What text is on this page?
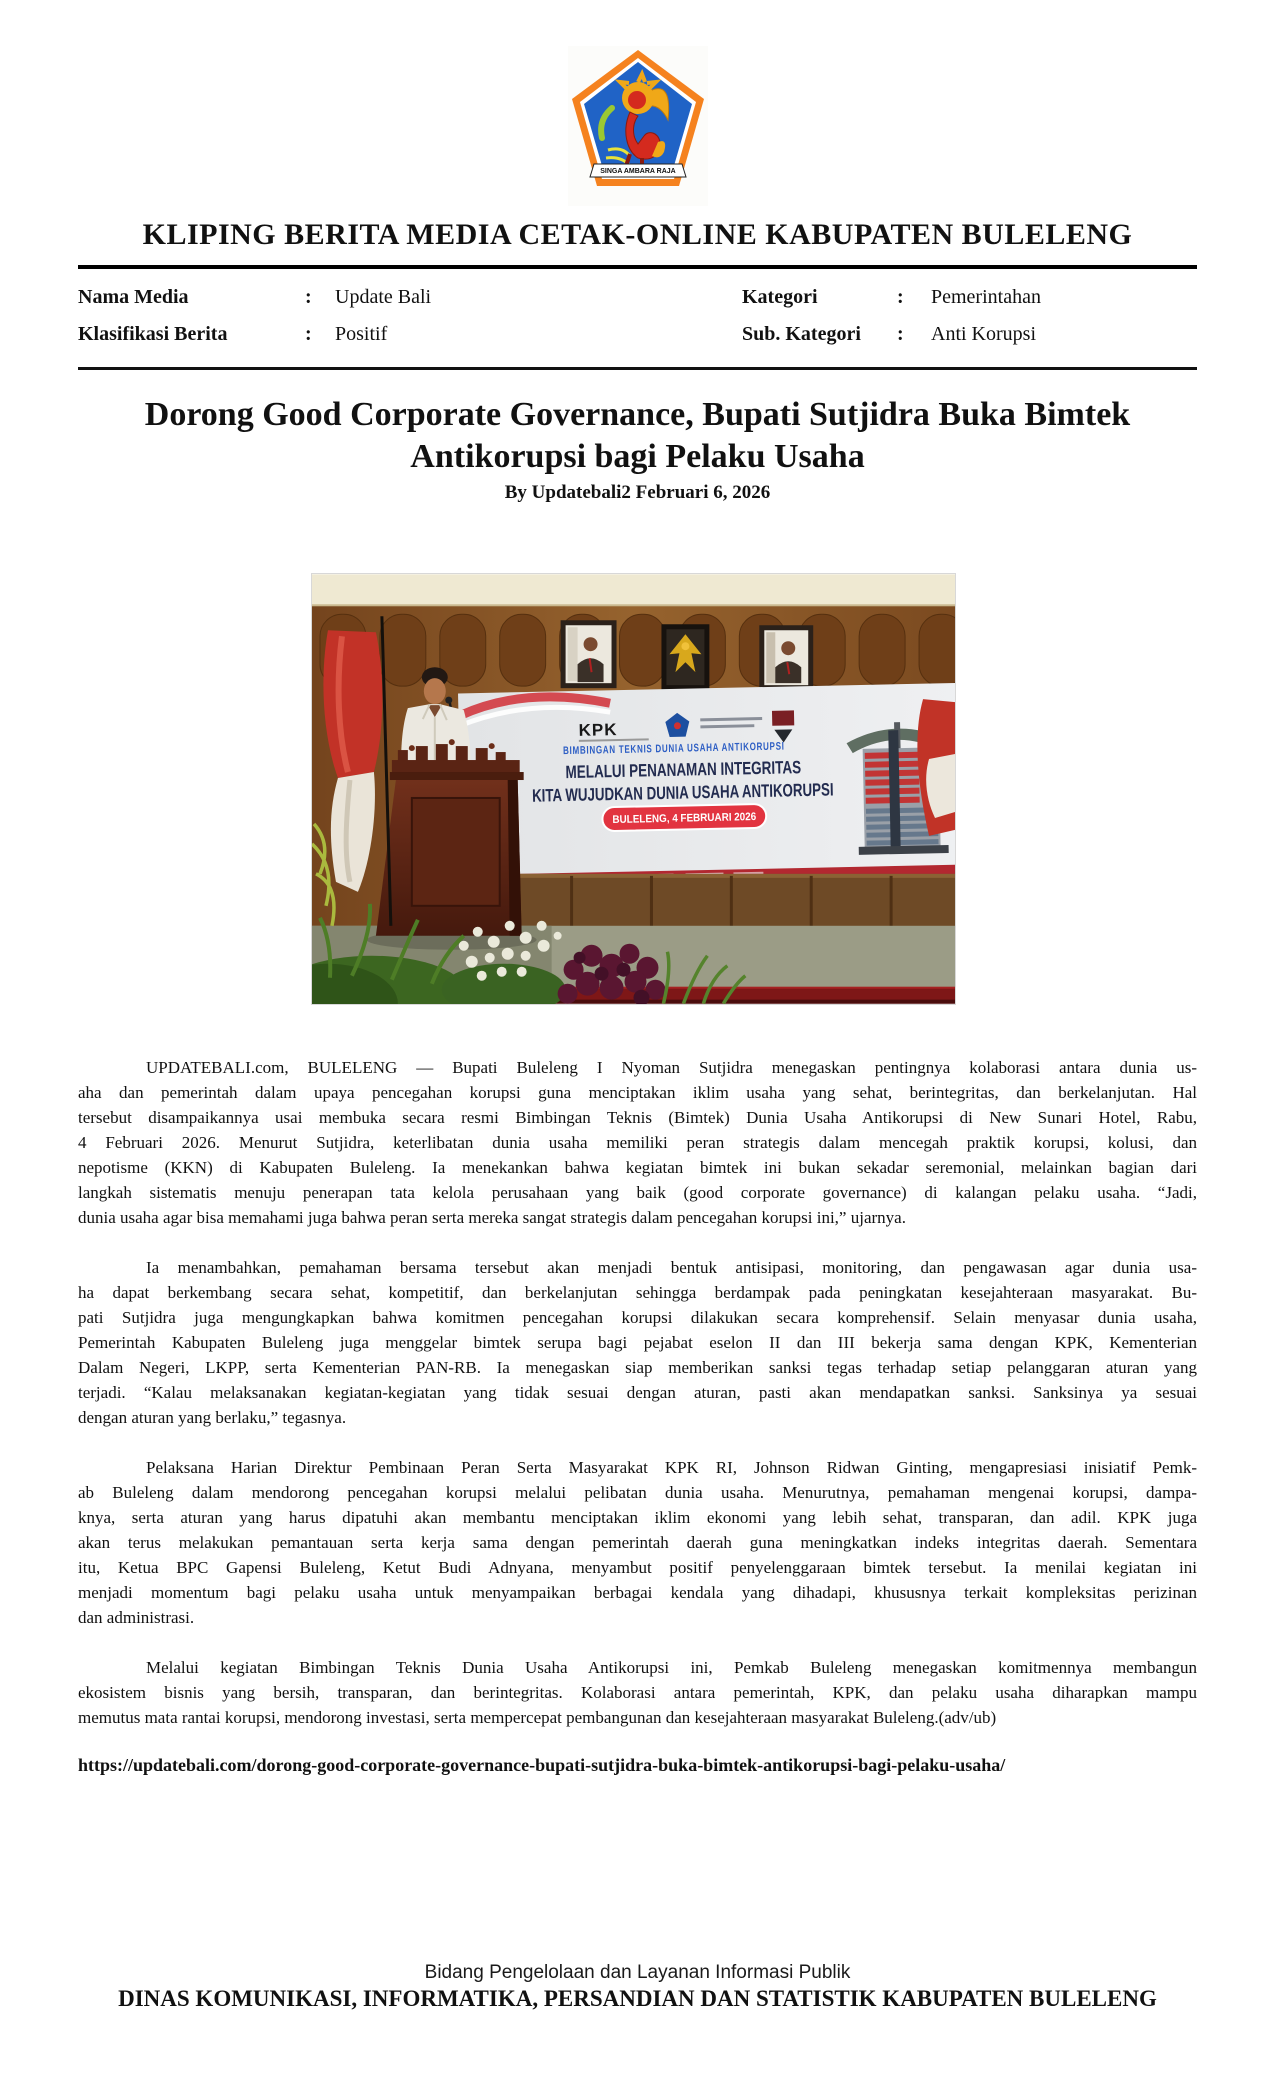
SINGA AMBARA RAJA
KLIPING BERITA MEDIA CETAK-ONLINE KABUPATEN BULELENG
Nama Media	:	Update Bali	Kategori	:	Pemerintahan
Klasifikasi Berita	:	Positif	Sub. Kategori	:	Anti Korupsi
Dorong Good Corporate Governance, Bupati Sutjidra Buka Bimtek
Antikorupsi bagi Pelaku Usaha
By Updatebali2 Februari 6, 2026
KPK
BIMBINGAN TEKNIS DUNIA USAHA ANTIKORUPSI
MELALUI PENANAMAN INTEGRITAS
KITA WUJUDKAN DUNIA USAHA ANTIKORUPSI
BULELENG, 4 FEBRUARI 2026

UPDATEBALI.com, BULELENG — Bupati Buleleng I Nyoman Sutjidra menegaskan pentingnya kolaborasi antara dunia us-
aha dan pemerintah dalam upaya pencegahan korupsi guna menciptakan iklim usaha yang sehat, berintegritas, dan berkelanjutan. Hal
tersebut disampaikannya usai membuka secara resmi Bimbingan Teknis (Bimtek) Dunia Usaha Antikorupsi di New Sunari Hotel, Rabu,
4 Februari 2026. Menurut Sutjidra, keterlibatan dunia usaha memiliki peran strategis dalam mencegah praktik korupsi, kolusi, dan
nepotisme (KKN) di Kabupaten Buleleng. Ia menekankan bahwa kegiatan bimtek ini bukan sekadar seremonial, melainkan bagian dari
langkah sistematis menuju penerapan tata kelola perusahaan yang baik (good corporate governance) di kalangan pelaku usaha. “Jadi,
dunia usaha agar bisa memahami juga bahwa peran serta mereka sangat strategis dalam pencegahan korupsi ini,” ujarnya.

Ia menambahkan, pemahaman bersama tersebut akan menjadi bentuk antisipasi, monitoring, dan pengawasan agar dunia usa-
ha dapat berkembang secara sehat, kompetitif, dan berkelanjutan sehingga berdampak pada peningkatan kesejahteraan masyarakat. Bu-
pati Sutjidra juga mengungkapkan bahwa komitmen pencegahan korupsi dilakukan secara komprehensif. Selain menyasar dunia usaha,
Pemerintah Kabupaten Buleleng juga menggelar bimtek serupa bagi pejabat eselon II dan III bekerja sama dengan KPK, Kementerian
Dalam Negeri, LKPP, serta Kementerian PAN-RB. Ia menegaskan siap memberikan sanksi tegas terhadap setiap pelanggaran aturan yang
terjadi. “Kalau melaksanakan kegiatan-kegiatan yang tidak sesuai dengan aturan, pasti akan mendapatkan sanksi. Sanksinya ya sesuai
dengan aturan yang berlaku,” tegasnya.

Pelaksana Harian Direktur Pembinaan Peran Serta Masyarakat KPK RI, Johnson Ridwan Ginting, mengapresiasi inisiatif Pemk-
ab Buleleng dalam mendorong pencegahan korupsi melalui pelibatan dunia usaha. Menurutnya, pemahaman mengenai korupsi, dampa-
knya, serta aturan yang harus dipatuhi akan membantu menciptakan iklim ekonomi yang lebih sehat, transparan, dan adil. KPK juga
akan terus melakukan pemantauan serta kerja sama dengan pemerintah daerah guna meningkatkan indeks integritas daerah. Sementara
itu, Ketua BPC Gapensi Buleleng, Ketut Budi Adnyana, menyambut positif penyelenggaraan bimtek tersebut. Ia menilai kegiatan ini
menjadi momentum bagi pelaku usaha untuk menyampaikan berbagai kendala yang dihadapi, khususnya terkait kompleksitas perizinan
dan administrasi.

Melalui kegiatan Bimbingan Teknis Dunia Usaha Antikorupsi ini, Pemkab Buleleng menegaskan komitmennya membangun
ekosistem bisnis yang bersih, transparan, dan berintegritas. Kolaborasi antara pemerintah, KPK, dan pelaku usaha diharapkan mampu
memutus mata rantai korupsi, mendorong investasi, serta mempercepat pembangunan dan kesejahteraan masyarakat Buleleng.(adv/ub)

https://updatebali.com/dorong-good-corporate-governance-bupati-sutjidra-buka-bimtek-antikorupsi-bagi-pelaku-usaha/
Bidang Pengelolaan dan Layanan Informasi Publik
DINAS KOMUNIKASI, INFORMATIKA, PERSANDIAN DAN STATISTIK KABUPATEN BULELENG
